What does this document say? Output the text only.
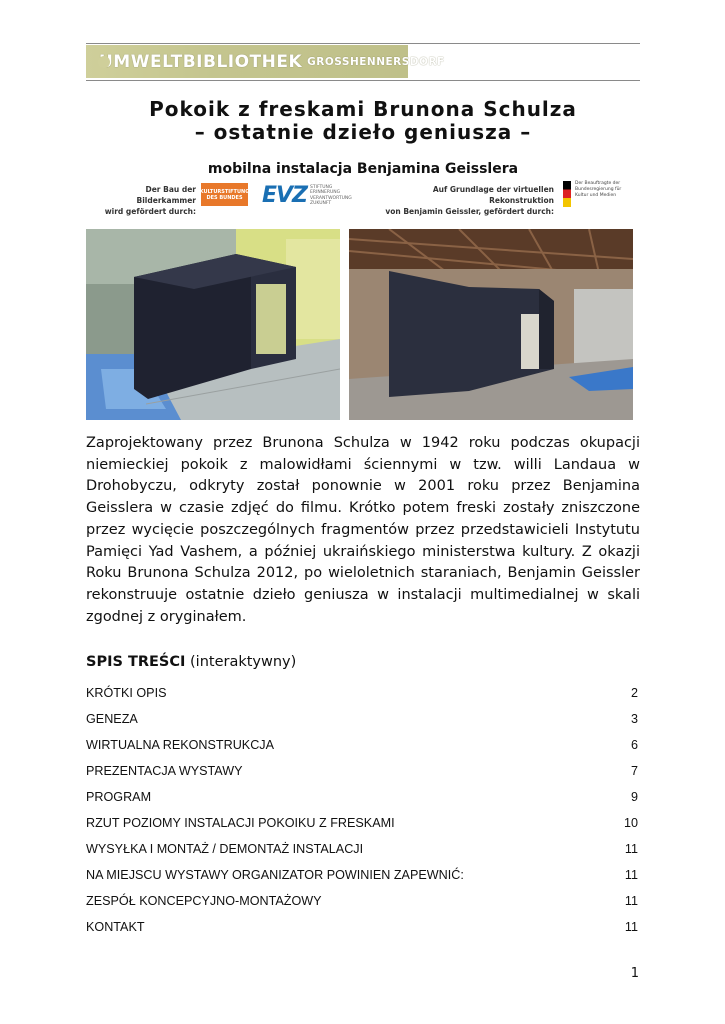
UMWELTBIBLIOTHEK GROSSHENNERSDORF
Pokoik z freskami Brunona Schulza
– ostatnie dzieło geniusza –

mobilna instalacja Benjamina Geisslera

Der Bau der Bilderkammer
wird gefördert durch:
KULTURSTIFTUNG DES BUNDES EVZ STIFTUNG ERINNERUNG VERANTWORTUNG ZUKUNFT
Auf Grundlage der virtuellen Rekonstruktion
von Benjamin Geissler, gefördert durch:
Der Beauftragte der Bundesregierung für Kultur und Medien

Zaprojektowany przez Brunona Schulza w 1942 roku podczas okupacji niemieckiej pokoik z malowidłami ściennymi w tzw. willi Landaua w Drohobyczu, odkryty został ponownie w 2001 roku przez Benjamina Geisslera w czasie zdjęć do filmu. Krótko potem freski zostały zniszczone przez wycięcie poszczególnych fragmentów przez przedstawicieli Instytutu Pamięci Yad Vashem, a później ukraińskiego ministerstwa kultury. Z okazji Roku Brunona Schulza 2012, po wieloletnich staraniach, Benjamin Geissler rekonstruuje ostatnie dzieło geniusza w instalacji multimedialnej w skali zgodnej z oryginałem.

SPIS TREŚCI (interaktywny)

KRÓTKI OPIS	2
GENEZA	3
WIRTUALNA REKONSTRUKCJA	6
PREZENTACJA WYSTAWY	7
PROGRAM	9
RZUT POZIOMY INSTALACJI POKOIKU Z FRESKAMI	10
WYSYŁKA I MONTAŻ / DEMONTAŻ INSTALACJI	11
NA MIEJSCU WYSTAWY ORGANIZATOR POWINIEN ZAPEWNIĆ:	11
ZESPÓŁ KONCEPCYJNO-MONTAŻOWY	11
KONTAKT	11

1
